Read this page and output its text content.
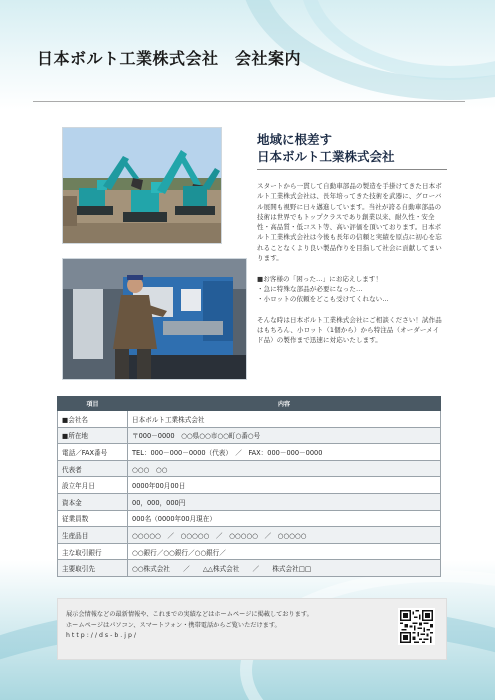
日本ボルト工業株式会社　会社案内
地域に根差す
日本ボルト工業株式会社

スタートから一貫して自動車部品の製造を手掛けてきた日本ボルト工業株式会社は、長年培ってきた技術を武器に、グローバル展開も視野に日々邁進しています。当社が誇る自動車部品の技術は世界でもトップクラスであり創業以来、耐久性・安全性・高品質・低コスト等、高い評価を頂いております。日本ボルト工業株式会社は今後も長年の信頼と実績を原点に初心を忘れることなくより良い製品作りを目指して社会に貢献してまいります。

■お客様の「困った…」にお応えします！

・急に特殊な部品が必要になった…

・小ロットの依頼をどこも受けてくれない…

そんな時は日本ボルト工業株式会社にご相談ください！試作品はもちろん、小ロット（1個から）から特注品（オーダーメイド品）の製作まで迅速に対応いたします。

項目	内容
■会社名	日本ボルト工業株式会社
■所在地	〒000－0000　○○県○○市○○町○番○号
電話／FAX番号	TEL：000－000－0000（代表）　／　FAX：000－000－0000
代表者	○○○　○○
設立年月日	0000年00月00日
資本金	00，000，000円
従業員数	000名（0000年00月現在）
生産品目	○○○○○　／　○○○○○　／　○○○○○　／　○○○○○
主な取引銀行	○○銀行／○○銀行／○○銀行／
主要取引先	○○株式会社　　／　　△△株式会社　　／　　株式会社□□
展示会情報などの最新情報や、これまでの実績などはホームページに掲載しております。
ホームページはパソコン、スマートフォン・携帯電話からご覧いただけます。
http://ds-b.jp/
